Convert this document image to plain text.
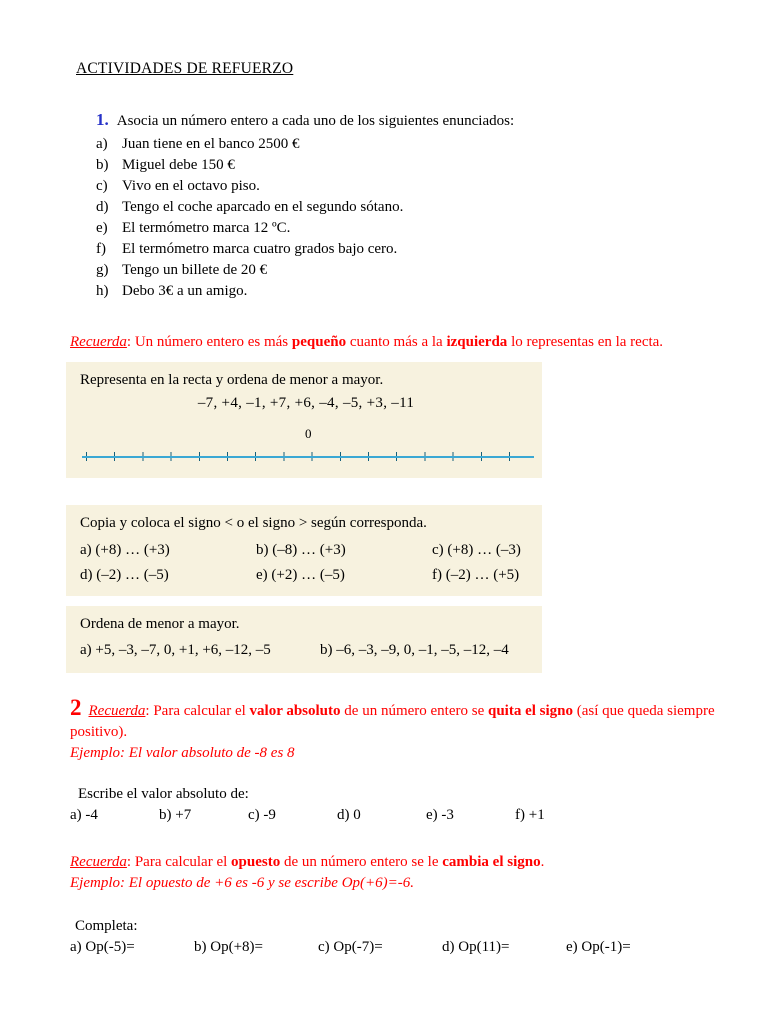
ACTIVIDADES DE REFUERZO

1. Asocia un número entero a cada uno de los siguientes enunciados:

a) Juan tiene en el banco 2500 €
b) Miguel debe 150 €
c) Vivo en el octavo piso.
d) Tengo el coche aparcado en el segundo sótano.
e) El termómetro marca 12 ºC.
f) El termómetro marca cuatro grados bajo cero.
g) Tengo un billete de 20 €
h) Debo 3€ a un amigo.

Recuerda: Un número entero es más pequeño cuanto más a la izquierda lo representas en la recta.

Representa en la recta y ordena de menor a mayor.

–7, +4, –1, +7, +6, –4, –5, +3, –11

0

Copia y coloca el signo < o el signo > según corresponda.

a) (+8) … (+3)	b) (–8) … (+3)	c) (+8) … (–3)
d) (–2) … (–5)	e) (+2) … (–5)	f) (–2) … (+5)

Ordena de menor a mayor.

a) +5, –3, –7, 0, +1, +6, –12, –5	b) –6, –3, –9, 0, –1, –5, –12, –4

2 Recuerda: Para calcular el valor absoluto de un número entero se quita el signo (así que queda siempre positivo).

Ejemplo: El valor absoluto de -8 es 8

Escribe el valor absoluto de:

a) -4	b) +7	c) -9	d) 0	e) -3	f) +1

Recuerda: Para calcular el opuesto de un número entero se le cambia el signo.

Ejemplo: El opuesto de +6 es -6 y se escribe Op(+6)=-6.

Completa:

a) Op(-5)=	b) Op(+8)=	c) Op(-7)=	d) Op(11)=	e) Op(-1)=
